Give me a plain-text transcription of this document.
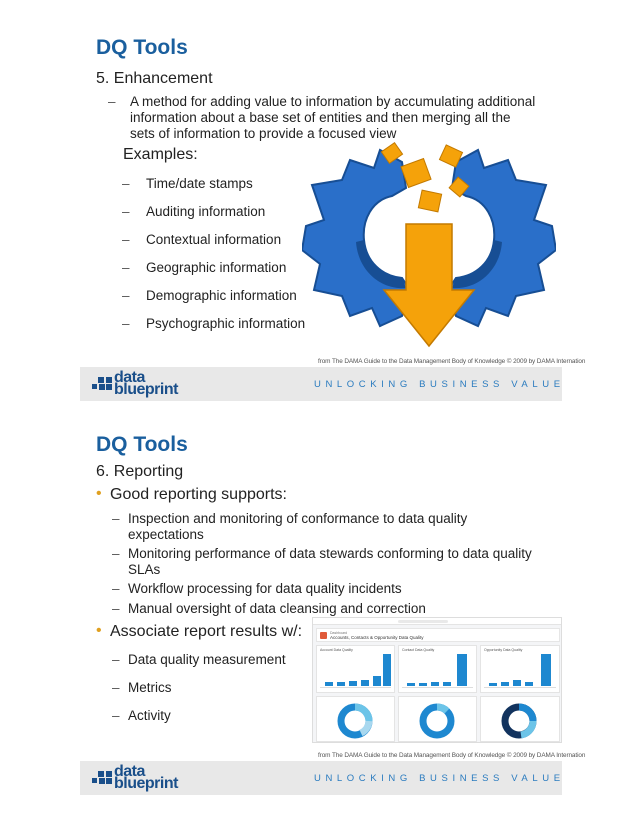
DQ Tools
5. Enhancement
– A method for adding value to information by accumulating additional
information about a base set of entities and then merging all the
sets of information to provide a focused view
Examples:
– Time/date stamps
– Auditing information
– Contextual information
– Geographic information
– Demographic information
– Psychographic information
from The DAMA Guide to the Data Management Body of Knowledge © 2009 by DAMA Internation
data
blueprint	UNLOCKING BUSINESS VALUE
DQ Tools
6. Reporting
• Good reporting supports:
– Inspection and monitoring of conformance to data quality
expectations
– Monitoring performance of data stewards conforming to data quality
SLAs
– Workflow processing for data quality incidents
– Manual oversight of data cleansing and correction
• Associate report results w/:
– Data quality measurement
– Metrics
– Activity
Dashboard
Accounts, Contacts & Opportunity Data Quality
Account Data Quality	Contact Data Quality	Opportunity Data Quality
from The DAMA Guide to the Data Management Body of Knowledge © 2009 by DAMA Internation
data
blueprint	UNLOCKING BUSINESS VALUE
